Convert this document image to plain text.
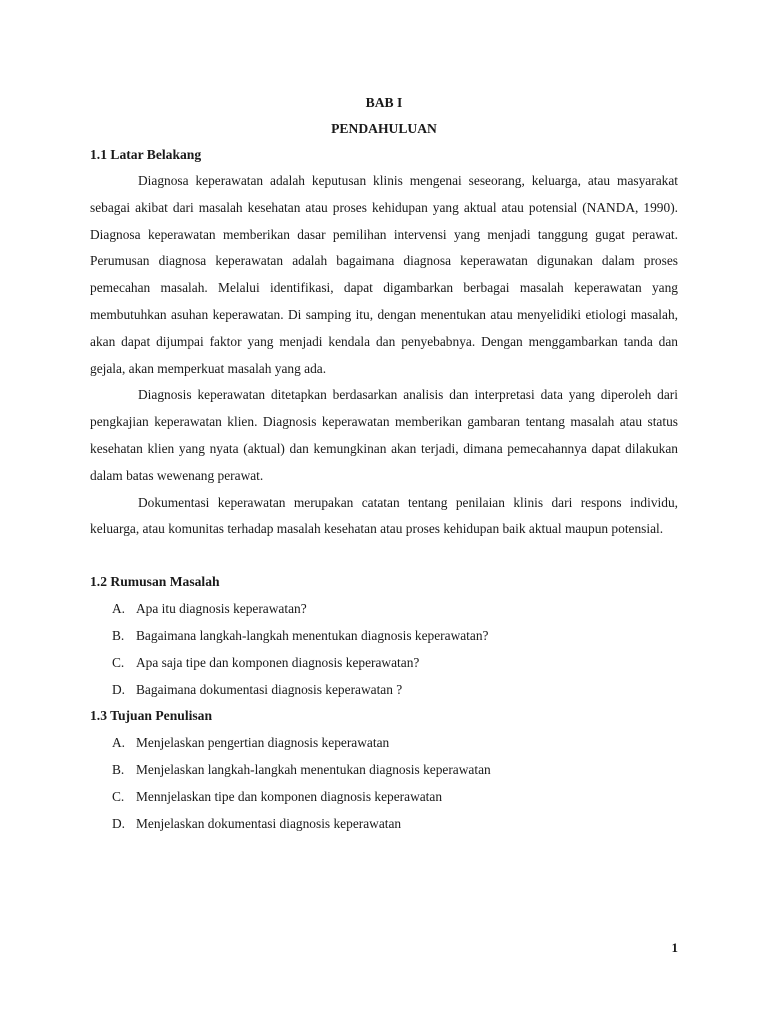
BAB I

PENDAHULUAN

1.1 Latar Belakang

Diagnosa keperawatan adalah keputusan klinis mengenai seseorang, keluarga, atau masyarakat sebagai akibat dari masalah kesehatan atau proses kehidupan yang aktual atau potensial (NANDA, 1990). Diagnosa keperawatan memberikan dasar pemilihan intervensi yang menjadi tanggung gugat perawat. Perumusan diagnosa keperawatan adalah bagaimana diagnosa keperawatan digunakan dalam proses pemecahan masalah. Melalui identifikasi, dapat digambarkan berbagai masalah keperawatan yang membutuhkan asuhan keperawatan. Di samping itu, dengan menentukan atau menyelidiki etiologi masalah, akan dapat dijumpai faktor yang menjadi kendala dan penyebabnya. Dengan menggambarkan tanda dan gejala, akan memperkuat masalah yang ada.

Diagnosis keperawatan ditetapkan berdasarkan analisis dan interpretasi data yang diperoleh dari pengkajian keperawatan klien. Diagnosis keperawatan memberikan gambaran tentang masalah atau status kesehatan klien yang nyata (aktual) dan kemungkinan akan terjadi, dimana pemecahannya dapat dilakukan dalam batas wewenang perawat.

Dokumentasi keperawatan merupakan catatan tentang penilaian klinis dari respons individu, keluarga, atau komunitas terhadap masalah kesehatan atau proses kehidupan baik aktual maupun potensial.

1.2 Rumusan Masalah

A. Apa itu diagnosis keperawatan?
B. Bagaimana langkah-langkah menentukan diagnosis keperawatan?
C. Apa saja tipe dan komponen diagnosis keperawatan?
D. Bagaimana dokumentasi diagnosis keperawatan ?

1.3 Tujuan Penulisan

A. Menjelaskan pengertian diagnosis keperawatan
B. Menjelaskan langkah-langkah menentukan diagnosis keperawatan
C. Mennjelaskan tipe dan komponen diagnosis keperawatan
D. Menjelaskan dokumentasi diagnosis keperawatan
1
